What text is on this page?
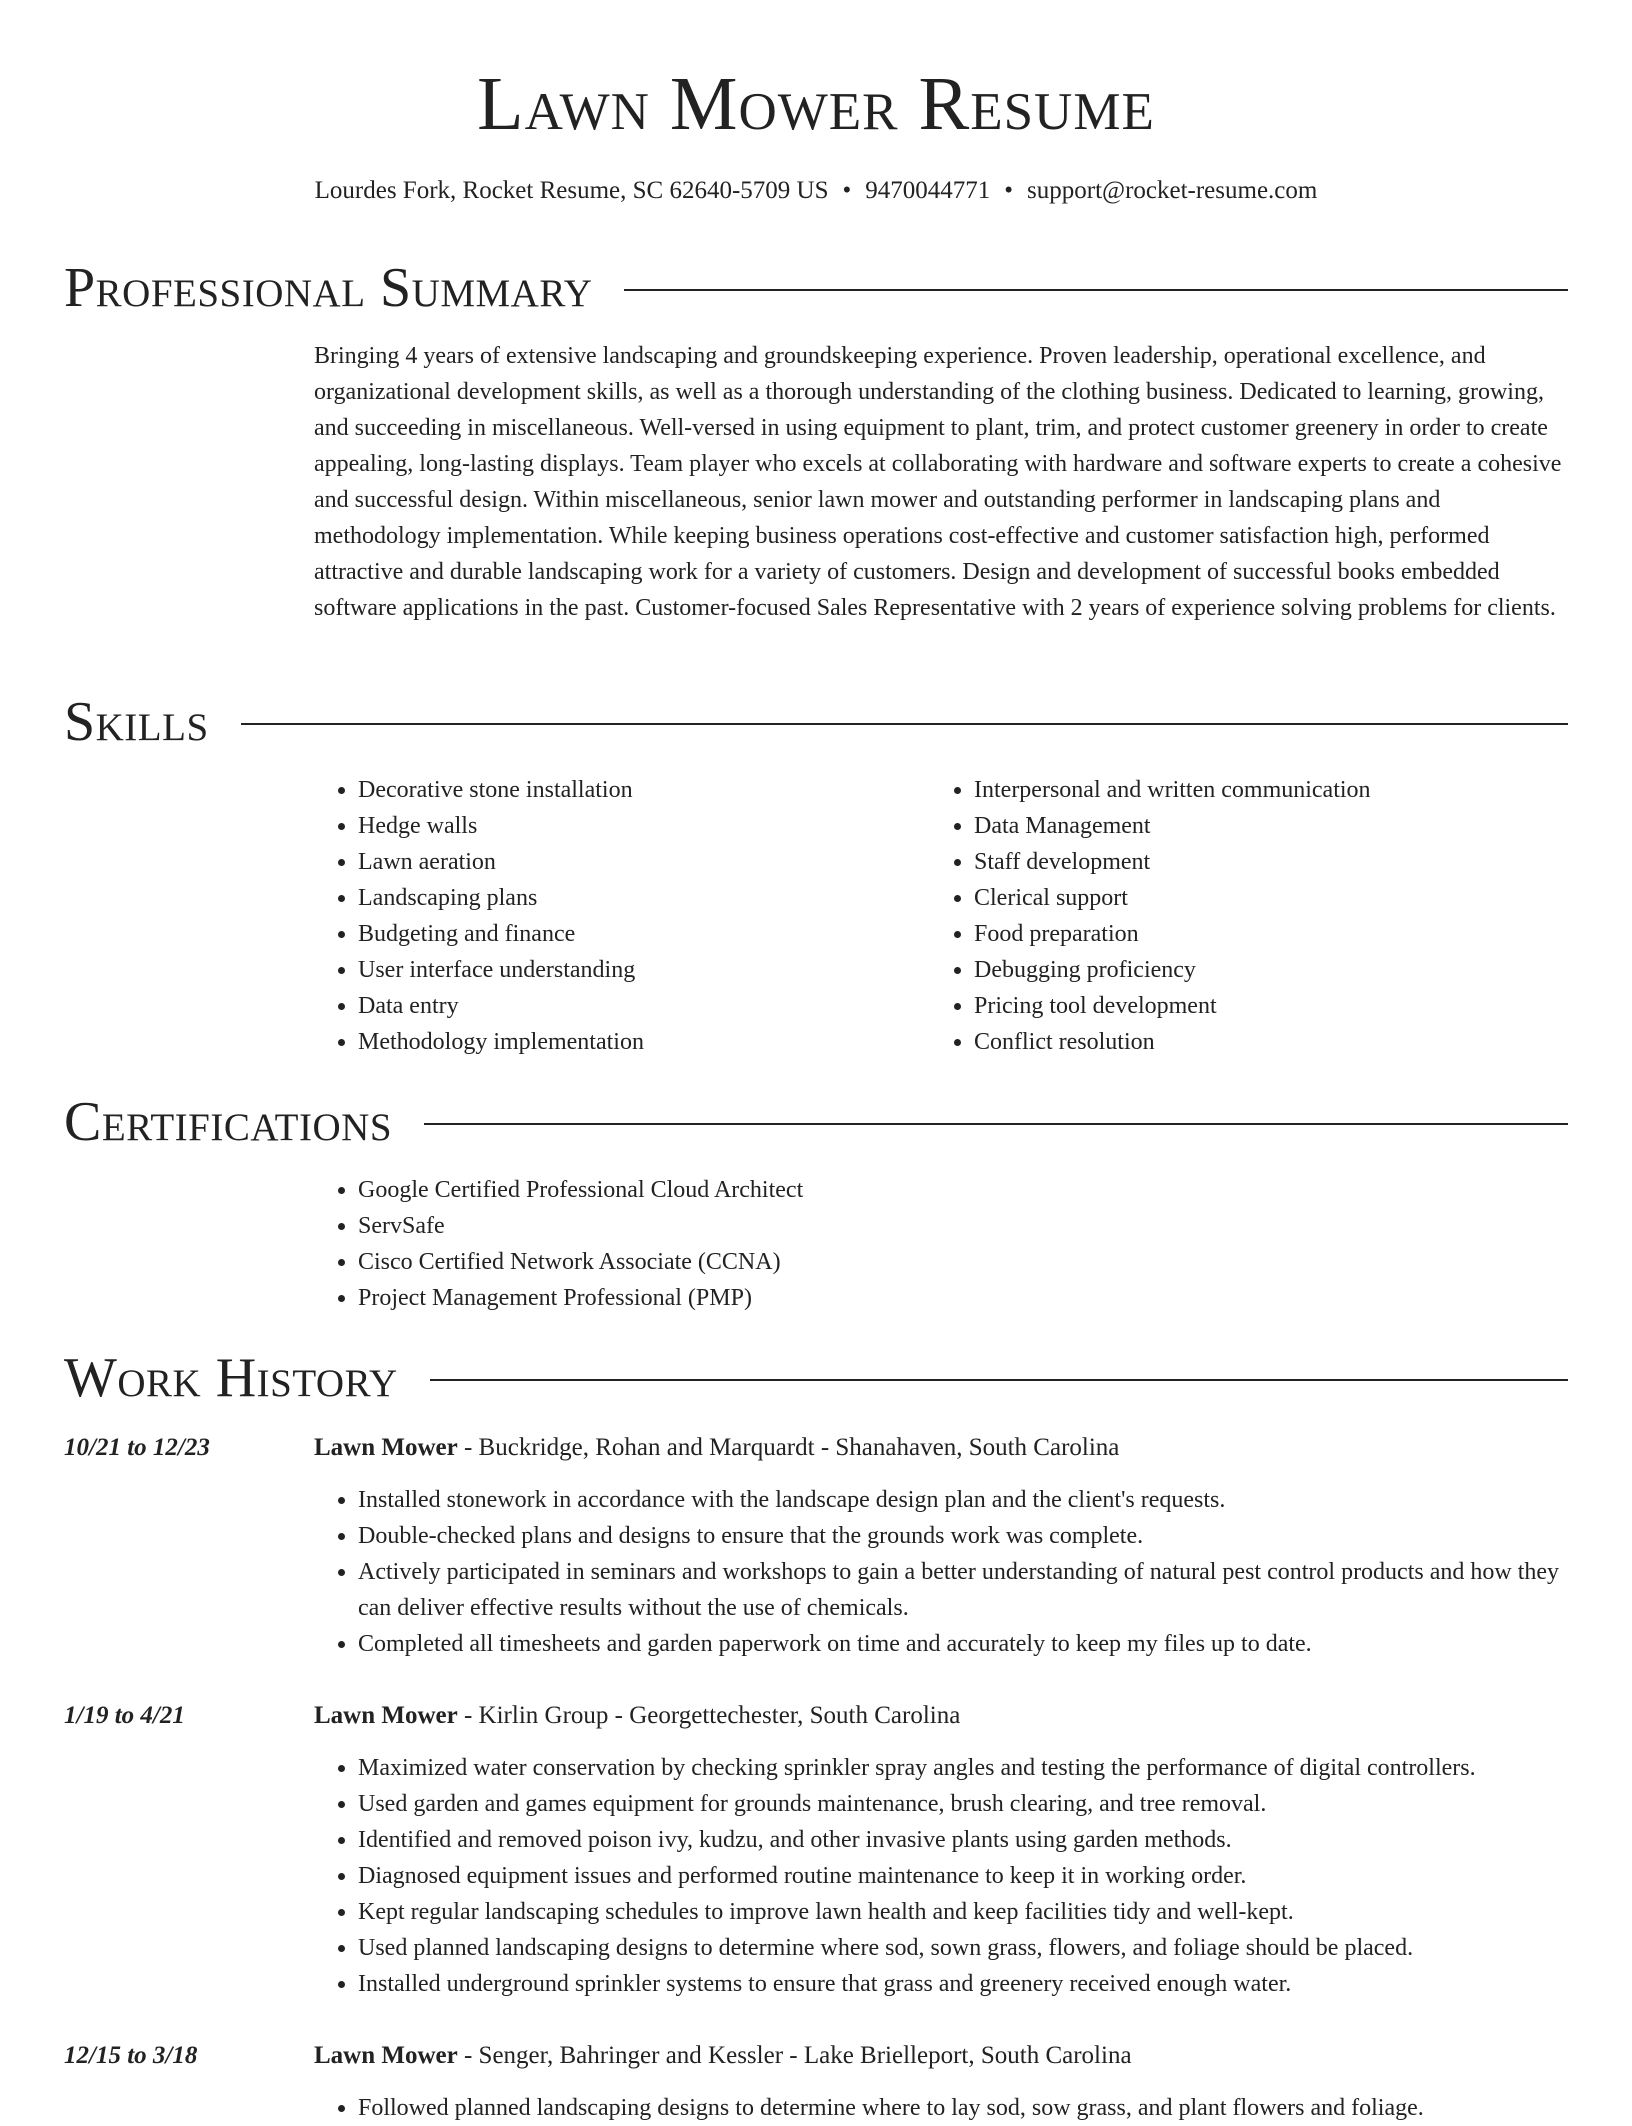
Lawn Mower Resume
Lourdes Fork, Rocket Resume, SC 62640-5709 US • 9470044771 • support@rocket-resume.com
Professional Summary

Bringing 4 years of extensive landscaping and groundskeeping experience. Proven leadership, operational excellence, and organizational development skills, as well as a thorough understanding of the clothing business. Dedicated to learning, growing, and succeeding in miscellaneous. Well-versed in using equipment to plant, trim, and protect customer greenery in order to create appealing, long-lasting displays. Team player who excels at collaborating with hardware and software experts to create a cohesive and successful design. Within miscellaneous, senior lawn mower and outstanding performer in landscaping plans and methodology implementation. While keeping business operations cost-effective and customer satisfaction high, performed attractive and durable landscaping work for a variety of customers. Design and development of successful books embedded software applications in the past. Customer-focused Sales Representative with 2 years of experience solving problems for clients.

Skills
• Decorative stone installation
• Hedge walls
• Lawn aeration
• Landscaping plans
• Budgeting and finance
• User interface understanding
• Data entry
• Methodology implementation
• Interpersonal and written communication
• Data Management
• Staff development
• Clerical support
• Food preparation
• Debugging proficiency
• Pricing tool development
• Conflict resolution
Certifications
• Google Certified Professional Cloud Architect
• ServSafe
• Cisco Certified Network Associate (CCNA)
• Project Management Professional (PMP)
Work History
10/21 to 12/23	Lawn Mower - Buckridge, Rohan and Marquardt - Shanahaven, South Carolina
• Installed stonework in accordance with the landscape design plan and the client's requests.
• Double-checked plans and designs to ensure that the grounds work was complete.
• Actively participated in seminars and workshops to gain a better understanding of natural pest control products and how they can deliver effective results without the use of chemicals.
• Completed all timesheets and garden paperwork on time and accurately to keep my files up to date.
1/19 to 4/21	Lawn Mower - Kirlin Group - Georgettechester, South Carolina
• Maximized water conservation by checking sprinkler spray angles and testing the performance of digital controllers.
• Used garden and games equipment for grounds maintenance, brush clearing, and tree removal.
• Identified and removed poison ivy, kudzu, and other invasive plants using garden methods.
• Diagnosed equipment issues and performed routine maintenance to keep it in working order.
• Kept regular landscaping schedules to improve lawn health and keep facilities tidy and well-kept.
• Used planned landscaping designs to determine where sod, sown grass, flowers, and foliage should be placed.
• Installed underground sprinkler systems to ensure that grass and greenery received enough water.
12/15 to 3/18	Lawn Mower - Senger, Bahringer and Kessler - Lake Brielleport, South Carolina
• Followed planned landscaping designs to determine where to lay sod, sow grass, and plant flowers and foliage.
